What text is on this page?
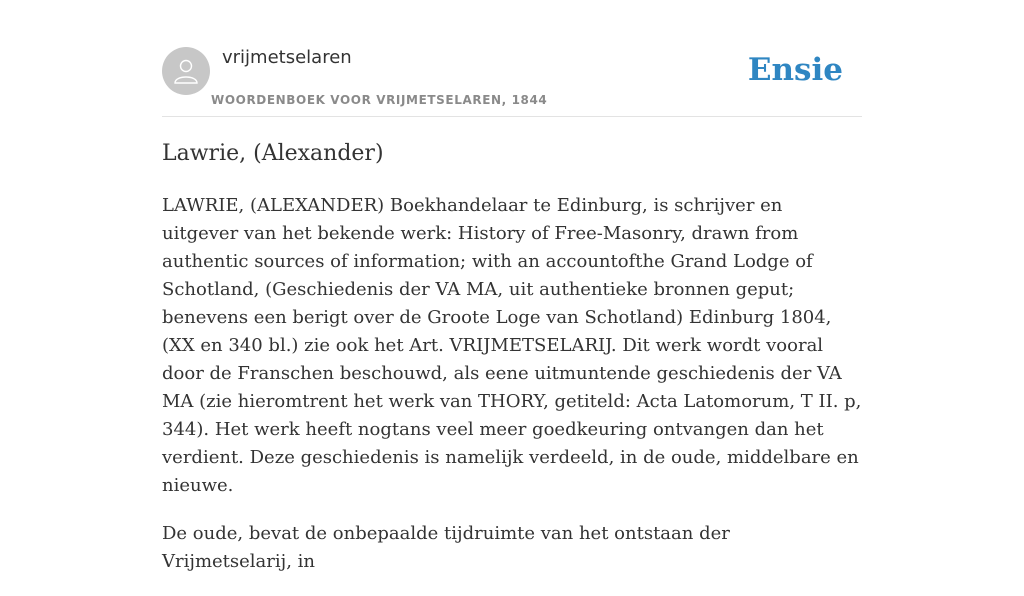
vrijmetselaren
WOORDENBOEK VOOR VRIJMETSELAREN, 1844
Ensie
Lawrie, (Alexander)

LAWRIE, (ALEXANDER) Boekhandelaar te Edinburg, is schrijver en uitgever van het bekende werk: History of Free-Masonry, drawn from authentic sources of information; with an accountofthe Grand Lodge of Schotland, (Geschiedenis der VA MA, uit authentieke bronnen geput; benevens een berigt over de Groote Loge van Schotland) Edinburg 1804, (XX en 340 bl.) zie ook het Art. VRIJMETSELARIJ. Dit werk wordt vooral door de Franschen beschouwd, als eene uitmuntende geschiedenis der VA MA (zie hieromtrent het werk van THORY, getiteld: Acta Latomorum, T II. p, 344). Het werk heeft nogtans veel meer goedkeuring ontvangen dan het verdient. Deze geschiedenis is namelijk verdeeld, in de oude, middelbare en nieuwe.

De oude, bevat de onbepaalde tijdruimte van het ontstaan der Vrijmetselarij, in
